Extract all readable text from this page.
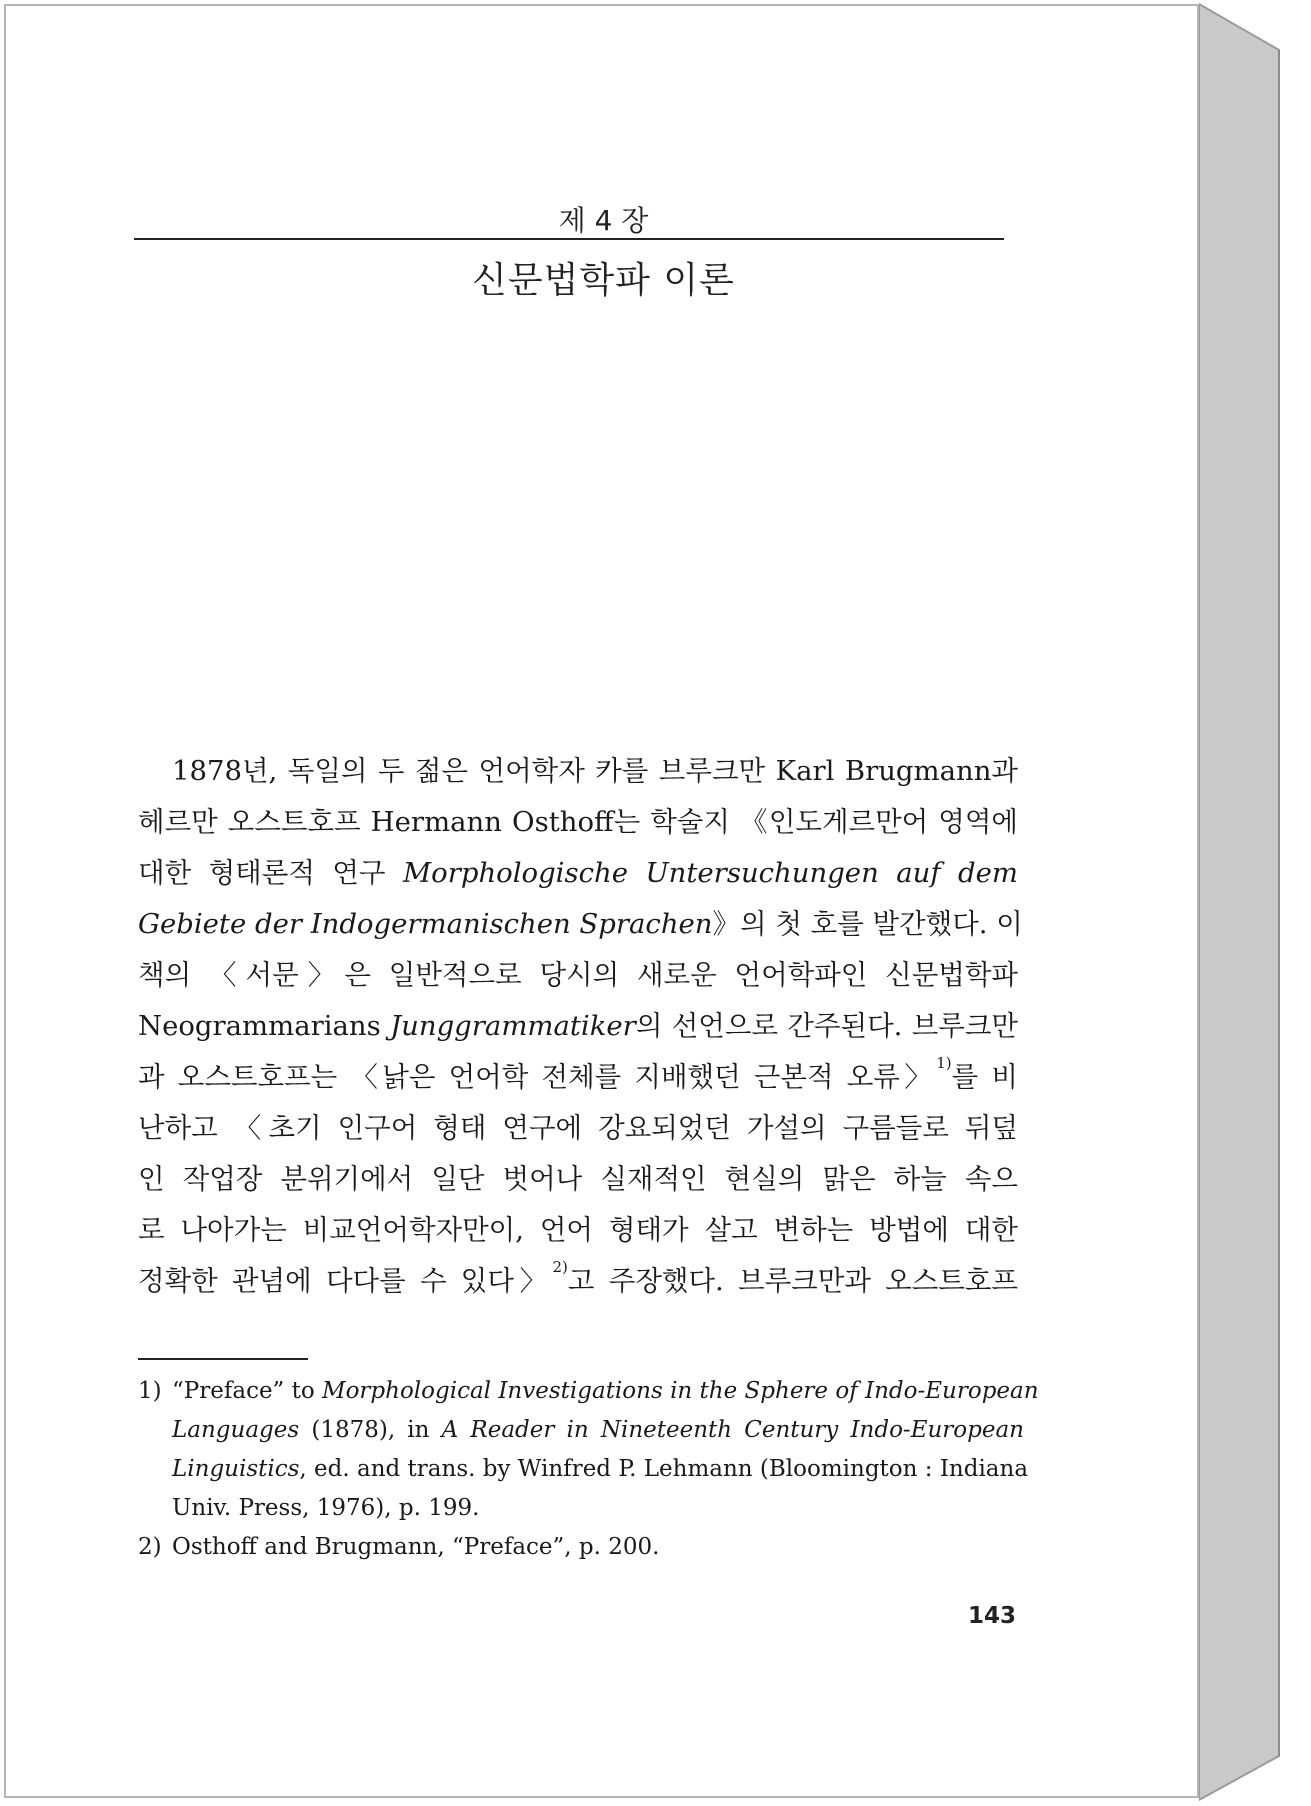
제 4 장
신문법학파 이론
1878년, 독일의 두 젊은 언어학자 카를 브루크만 Karl Brugmann과
헤르만 오스트호프 Hermann Osthoff는 학술지 《인도게르만어 영역에
대한 형태론적 연구 Morphologische Untersuchungen auf dem
Gebiete der Indogermanischen Sprachen》의 첫 호를 발간했다. 이
책의 〈서문〉은 일반적으로 당시의 새로운 언어학파인 신문법학파
Neogrammarians Junggrammatiker의 선언으로 간주된다. 브루크만
과 오스트호프는 〈낡은 언어학 전체를 지배했던 근본적 오류〉$^{1)}$를 비
난하고 〈초기 인구어 형태 연구에 강요되었던 가설의 구름들로 뒤덮
인 작업장 분위기에서 일단 벗어나 실재적인 현실의 맑은 하늘 속으
로 나아가는 비교언어학자만이, 언어 형태가 살고 변하는 방법에 대한
정확한 관념에 다다를 수 있다〉$^{2)}$고 주장했다. 브루크만과 오스트호프
1) “Preface” to Morphological Investigations in the Sphere of Indo-European
Languages (1878), in A Reader in Nineteenth Century Indo-European
Linguistics, ed. and trans. by Winfred P. Lehmann (Bloomington : Indiana
Univ. Press, 1976), p. 199.
2) Osthoff and Brugmann, “Preface”, p. 200.
143
